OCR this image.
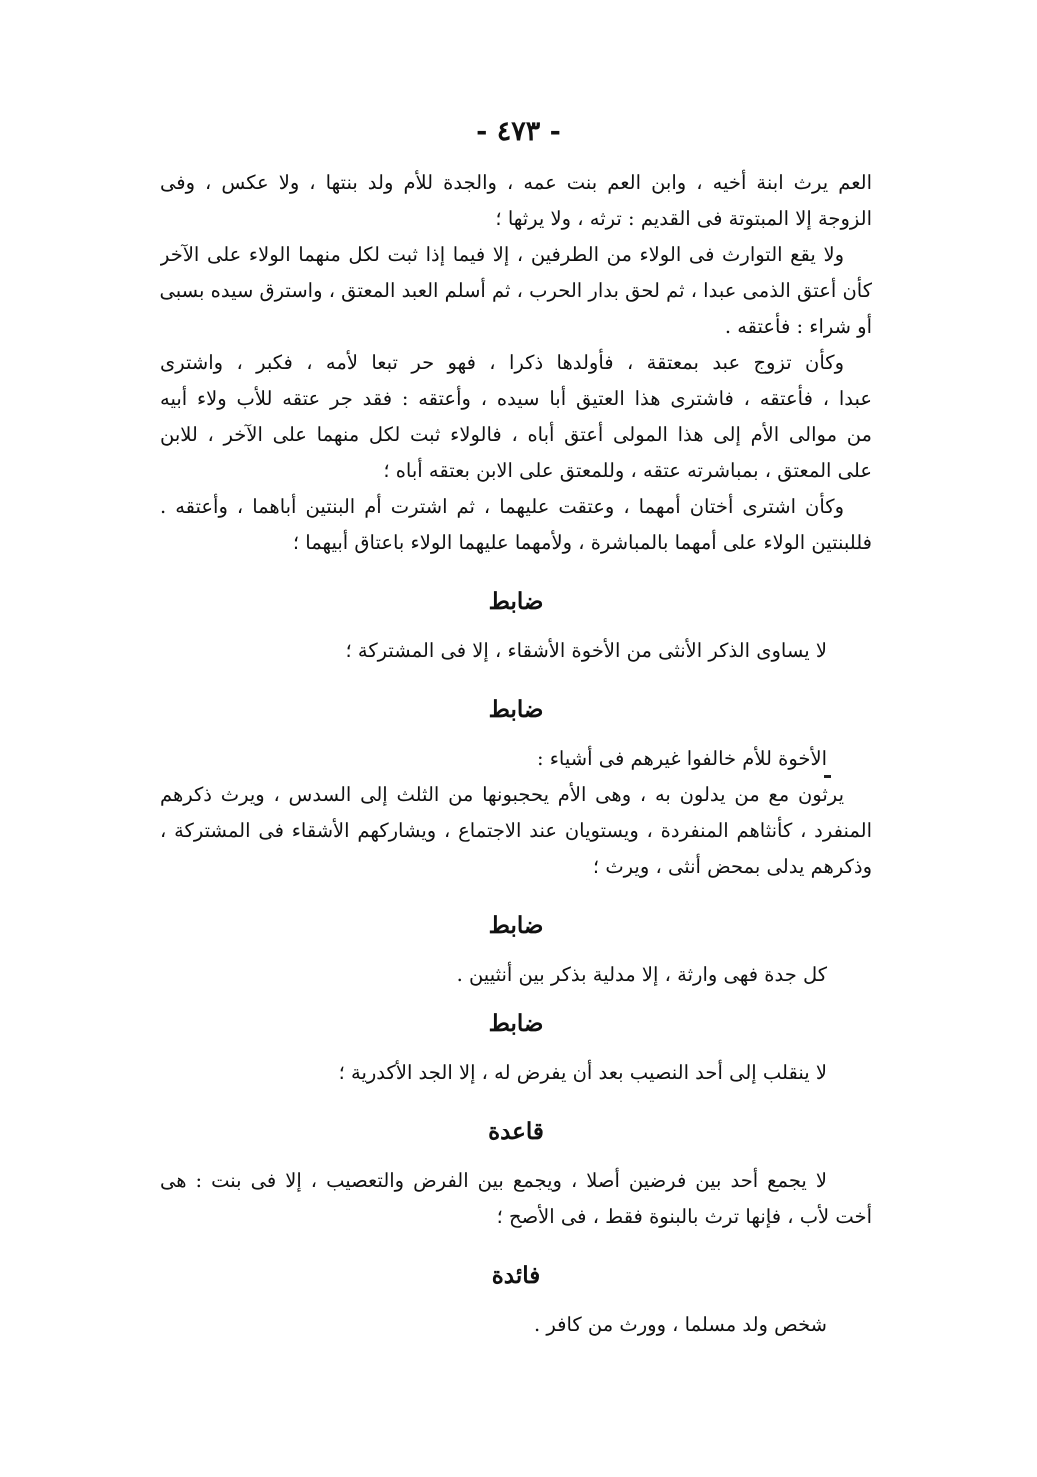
- ٤٧٣ -
العم يرث ابنة أخيه ، وابن العم بنت عمه ، والجدة للأم ولد بنتها ، ولا عكس ، وفى
الزوجة إلا المبتوتة فى القديم : ترثه ، ولا يرثها ؛
ولا يقع التوارث فى الولاء من الطرفين ، إلا فيما إذا ثبت لكل منهما الولاء على الآخر
كأن أعتق الذمى عبدا ، ثم لحق بدار الحرب ، ثم أسلم العبد المعتق ، واسترق سيده بسبى
أو شراء : فأعتقه .
وكأن تزوج عبد بمعتقة ، فأولدها ذكرا ، فهو حر تبعا لأمه ، فكبر ، واشترى
عبدا ، فأعتقه ، فاشترى هذا العتيق أبا سيده ، وأعتقه : فقد جر عتقه للأب ولاء أبيه
من موالى الأم إلى هذا المولى أعتق أباه ، فالولاء ثبت لكل منهما على الآخر ، للابن
على المعتق ، بمباشرته عتقه ، وللمعتق على الابن بعتقه أباه ؛
وكأن اشترى أختان أمهما ، وعتقت عليهما ، ثم اشترت أم البنتين أباهما ، وأعتقه .
فللبنتين الولاء على أمهما بالمباشرة ، ولأمهما عليهما الولاء باعتاق أبيهما ؛
ضابط
لا يساوى الذكر الأنثى من الأخوة الأشقاء ، إلا فى المشتركة ؛
ضابط
الأخوة للأم خالفوا غيرهم فى أشياء :
يرثون مع من يدلون به ، وهى الأم يحجبونها من الثلث إلى السدس ، ويرث ذكرهم
المنفرد ، كأنثاهم المنفردة ، ويستويان عند الاجتماع ، ويشاركهم الأشقاء فى المشتركة ،
وذكرهم يدلى بمحض أنثى ، ويرث ؛
ضابط
كل جدة فهى وارثة ، إلا مدلية بذكر بين أنثيين .
ضابط
لا ينقلب إلى أحد النصيب بعد أن يفرض له ، إلا الجد الأكدرية ؛
قاعدة
لا يجمع أحد بين فرضين أصلا ، ويجمع بين الفرض والتعصيب ، إلا فى بنت : هى
أخت لأب ، فإنها ترث بالبنوة فقط ، فى الأصح ؛
فائدة
شخص ولد مسلما ، وورث من كافر .
